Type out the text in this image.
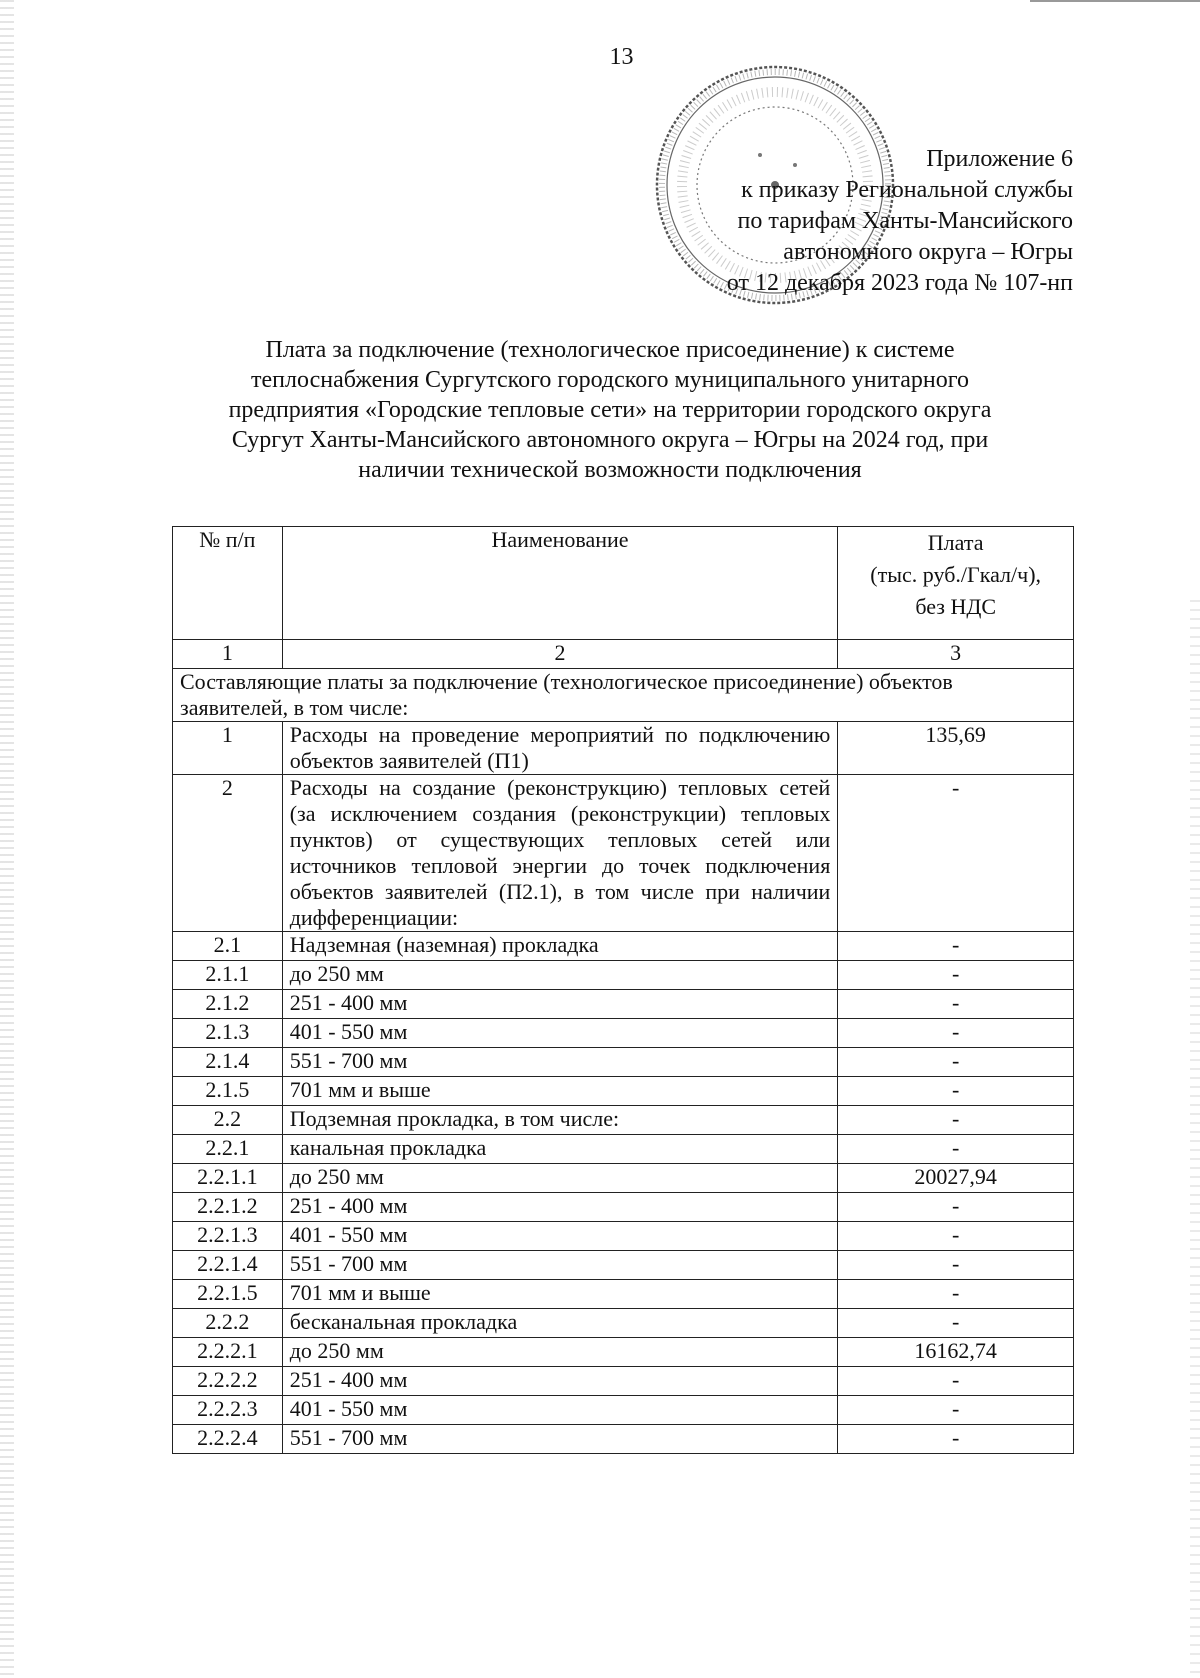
13
Приложение 6
к приказу Региональной службы
по тарифам Ханты-Мансийского
автономного округа – Югры
от 12 декабря 2023 года № 107-нп
Плата за подключение (технологическое присоединение) к системе
теплоснабжения Сургутского городского муниципального унитарного
предприятия «Городские тепловые сети» на территории городского округа
Сургут Ханты-Мансийского автономного округа – Югры на 2024 год, при
наличии технической возможности подключения
№ п/п	Наименование	Плата
(тыс. руб./Гкал/ч),
без НДС

1	2	3
Составляющие платы за подключение (технологическое присоединение) объектов заявителей, в том числе:		
1	Расходы на проведение мероприятий по подключению объектов заявителей (П1)	135,69
2	Расходы на создание (реконструкцию) тепловых сетей (за исключением создания (реконструкции) тепловых пунктов) от существующих тепловых сетей или источников тепловой энергии до точек подключения объектов заявителей (П2.1), в том числе при наличии дифференциации:	-
2.1	Надземная (наземная) прокладка	-
2.1.1	до 250 мм	-
2.1.2	251 - 400 мм	-
2.1.3	401 - 550 мм	-
2.1.4	551 - 700 мм	-
2.1.5	701 мм и выше	-
2.2	Подземная прокладка, в том числе:	-
2.2.1	канальная прокладка	-
2.2.1.1	до 250 мм	20027,94
2.2.1.2	251 - 400 мм	-
2.2.1.3	401 - 550 мм	-
2.2.1.4	551 - 700 мм	-
2.2.1.5	701 мм и выше	-
2.2.2	бесканальная прокладка	-
2.2.2.1	до 250 мм	16162,74
2.2.2.2	251 - 400 мм	-
2.2.2.3	401 - 550 мм	-
2.2.2.4	551 - 700 мм	-
